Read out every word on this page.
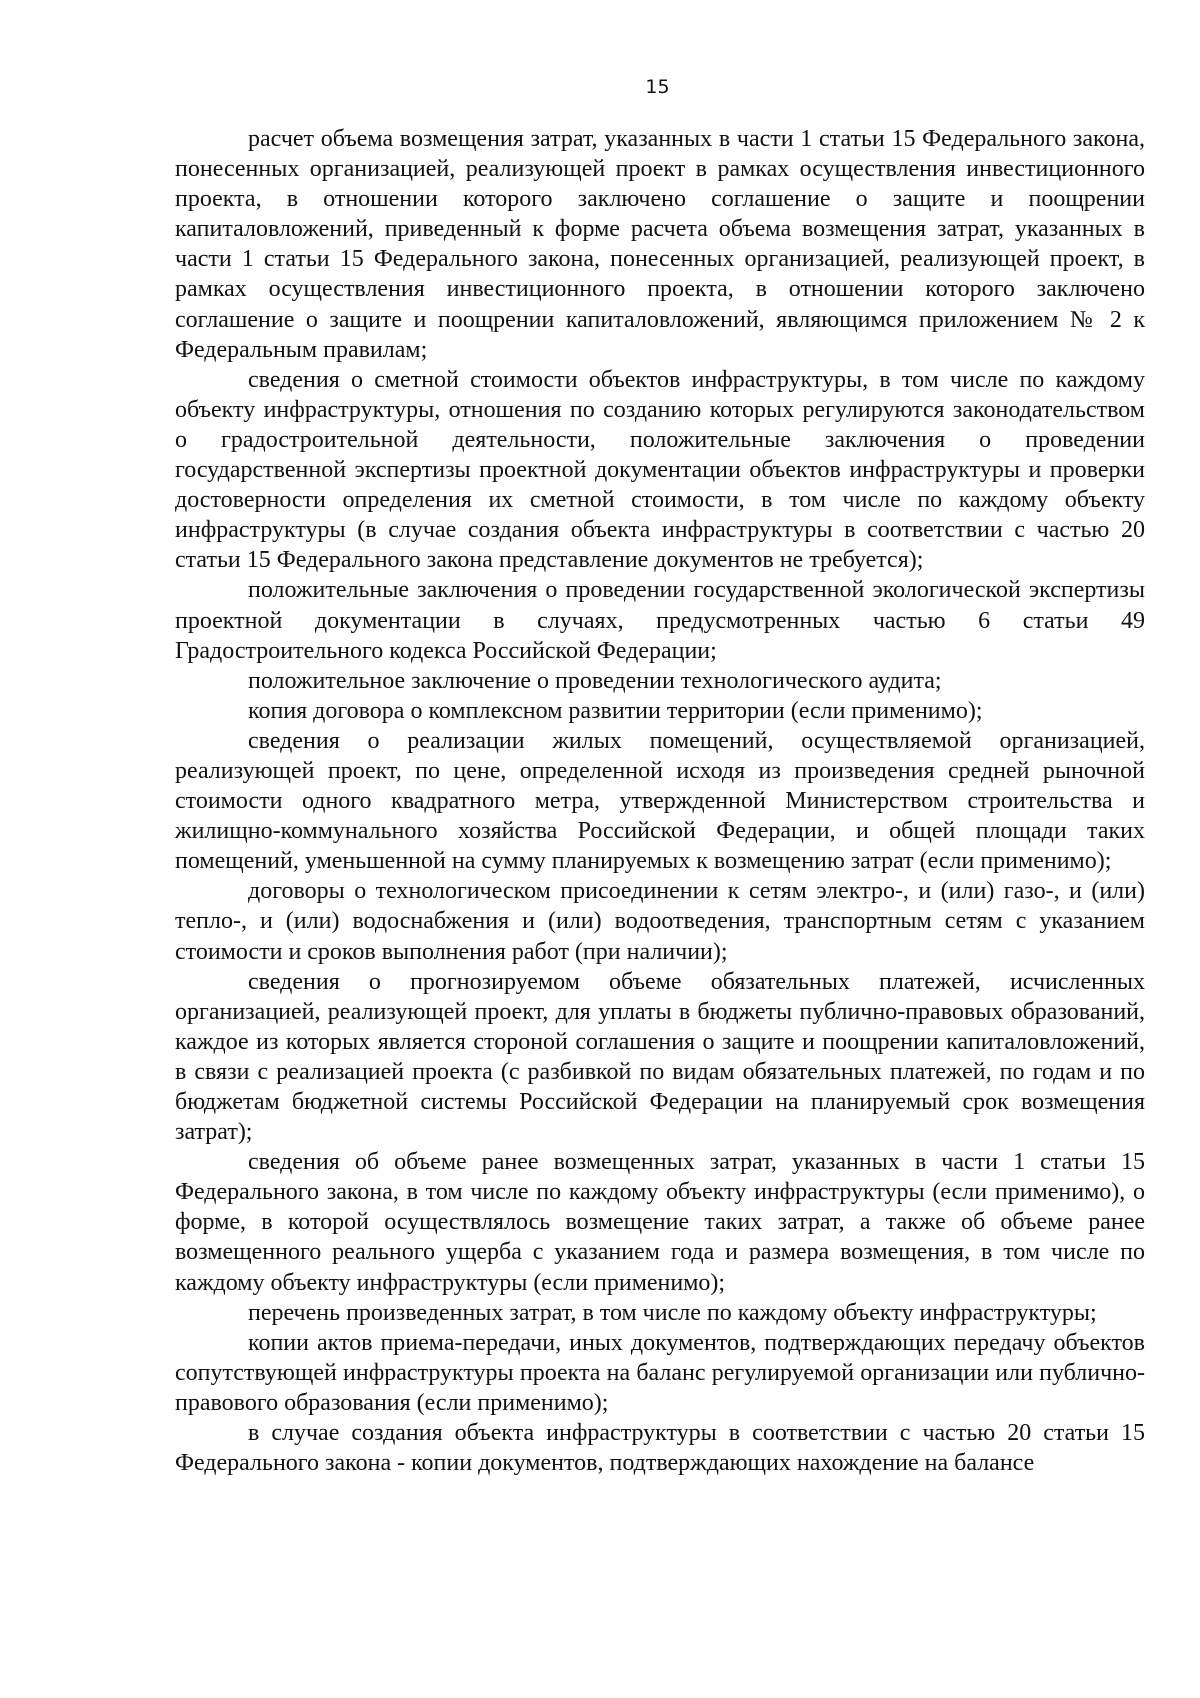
15

расчет объема возмещения затрат, указанных в части 1 статьи 15 Федерального закона, понесенных организацией, реализующей проект в рамках осуществления инвестиционного проекта, в отношении которого заключено соглашение о защите и поощрении капиталовложений, приведенный к форме расчета объема возмещения затрат, указанных в части 1 статьи 15 Федерального закона, понесенных организацией, реализующей проект, в рамках осуществления инвестиционного проекта, в отношении которого заключено соглашение о защите и поощрении капиталовложений, являющимся приложением № 2 к Федеральным правилам;

сведения о сметной стоимости объектов инфраструктуры, в том числе по каждому объекту инфраструктуры, отношения по созданию которых регулируются законодательством о градостроительной деятельности, положительные заключения о проведении государственной экспертизы проектной документации объектов инфраструктуры и проверки достоверности определения их сметной стоимости, в том числе по каждому объекту инфраструктуры (в случае создания объекта инфраструктуры в соответствии с частью 20 статьи 15 Федерального закона представление документов не требуется);

положительные заключения о проведении государственной экологической экспертизы проектной документации в случаях, предусмотренных частью 6 статьи 49 Градостроительного кодекса Российской Федерации;

положительное заключение о проведении технологического аудита;

копия договора о комплексном развитии территории (если применимо);

сведения о реализации жилых помещений, осуществляемой организацией, реализующей проект, по цене, определенной исходя из произведения средней рыночной стоимости одного квадратного метра, утвержденной Министерством строительства и жилищно-коммунального хозяйства Российской Федерации, и общей площади таких помещений, уменьшенной на сумму планируемых к возмещению затрат (если применимо);

договоры о технологическом присоединении к сетям электро-, и (или) газо-, и (или) тепло-, и (или) водоснабжения и (или) водоотведения, транспортным сетям с указанием стоимости и сроков выполнения работ (при наличии);

сведения о прогнозируемом объеме обязательных платежей, исчисленных организацией, реализующей проект, для уплаты в бюджеты публично-правовых образований, каждое из которых является стороной соглашения о защите и поощрении капиталовложений, в связи с реализацией проекта (с разбивкой по видам обязательных платежей, по годам и по бюджетам бюджетной системы Российской Федерации на планируемый срок возмещения затрат);

сведения об объеме ранее возмещенных затрат, указанных в части 1 статьи 15 Федерального закона, в том числе по каждому объекту инфраструктуры (если применимо), о форме, в которой осуществлялось возмещение таких затрат, а также об объеме ранее возмещенного реального ущерба с указанием года и размера возмещения, в том числе по каждому объекту инфраструктуры (если применимо);

перечень произведенных затрат, в том числе по каждому объекту инфраструктуры;

копии актов приема-передачи, иных документов, подтверждающих передачу объектов сопутствующей инфраструктуры проекта на баланс регулируемой организации или публично-правового образования (если применимо);

в случае создания объекта инфраструктуры в соответствии с частью 20 статьи 15 Федерального закона - копии документов, подтверждающих нахождение на балансе
